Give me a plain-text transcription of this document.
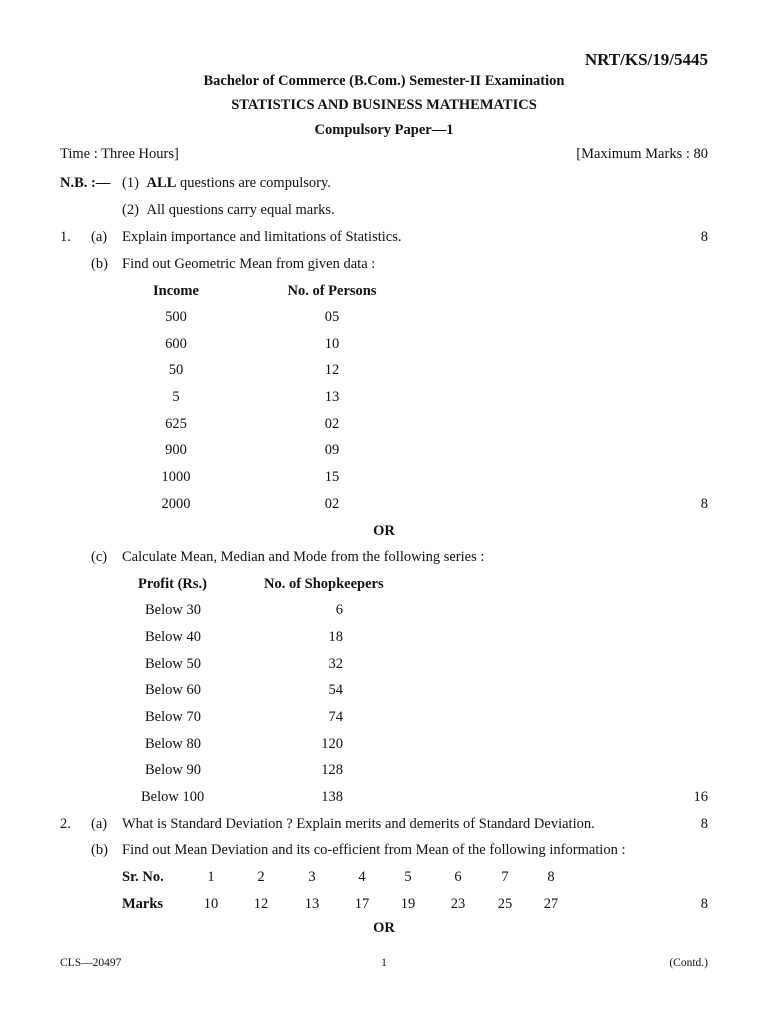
NRT/KS/19/5445
Bachelor of Commerce (B.Com.) Semester-II Examination
STATISTICS AND BUSINESS MATHEMATICS
Compulsory Paper—1
Time : Three Hours]	[Maximum Marks : 80
N.B. :— (1) ALL questions are compulsory.
(2) All questions carry equal marks.
1. (a) Explain importance and limitations of Statistics.	8
(b) Find out Geometric Mean from given data :
Income	No. of Persons
500	05
600	10
50	12
5	13
625	02
900	09
1000	15
2000	02	8
OR
(c) Calculate Mean, Median and Mode from the following series :
Profit (Rs.)	No. of Shopkeepers
Below 30	6
Below 40	18
Below 50	32
Below 60	54
Below 70	74
Below 80	120
Below 90	128
Below 100	138	16
2. (a) What is Standard Deviation ? Explain merits and demerits of Standard Deviation.	8
(b) Find out Mean Deviation and its co-efficient from Mean of the following information :
Sr. No.	1	2	3	4	5	6	7	8
Marks	10	12	13	17	19	23	25	27	8
OR
CLS—20497	1	(Contd.)
